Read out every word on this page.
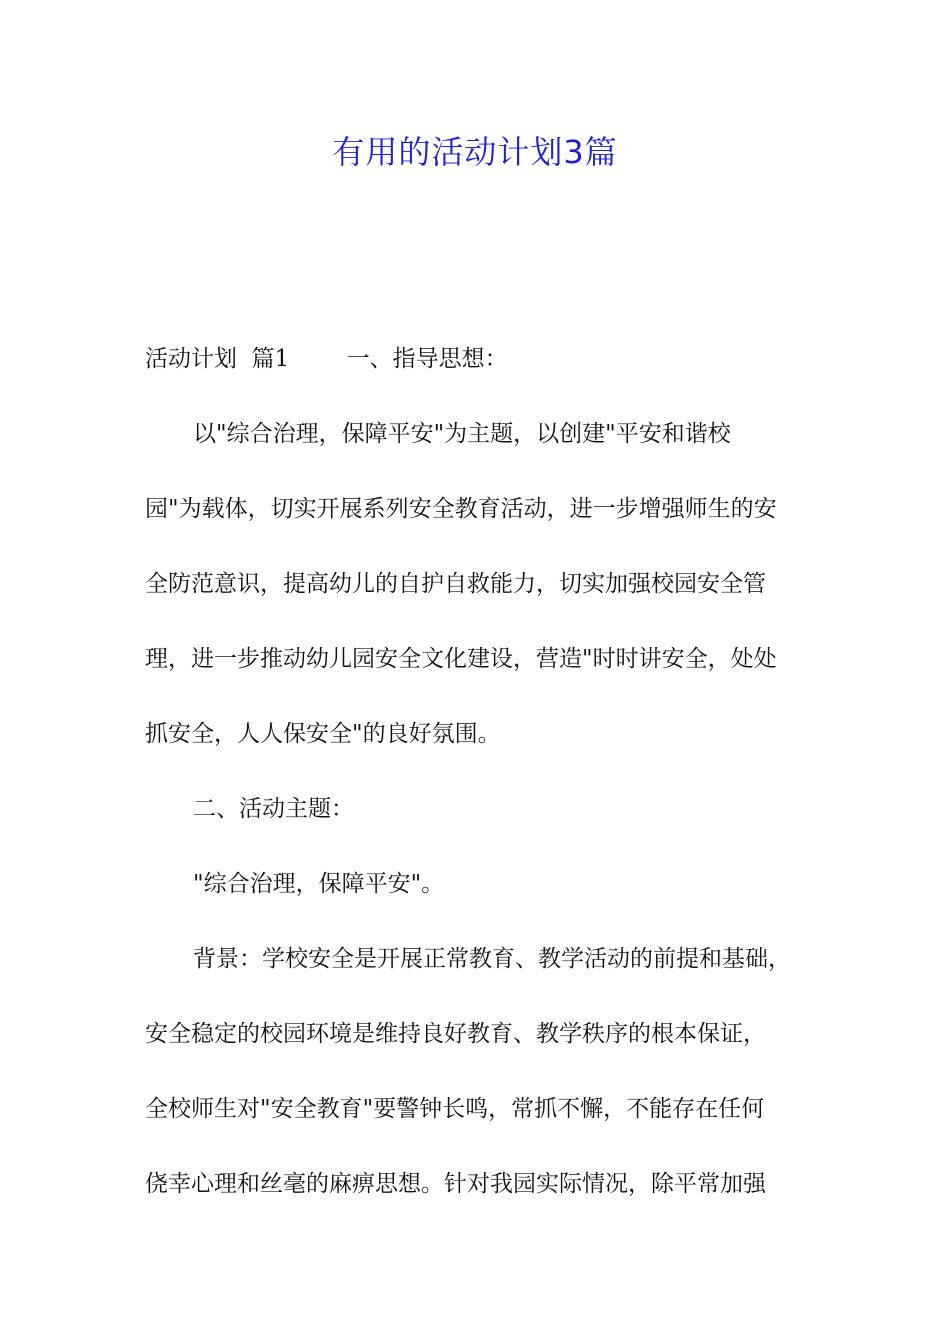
有用的活动计划3篇
活动计划  篇1 一、指导思想：
以"综合治理，保障平安"为主题，以创建"平安和谐校
园"为载体，切实开展系列安全教育活动，进一步增强师生的安
全防范意识，提高幼儿的自护自救能力，切实加强校园安全管
理，进一步推动幼儿园安全文化建设，营造"时时讲安全，处处
抓安全，人人保安全"的良好氛围。
二、活动主题：
"综合治理，保障平安"。
背景：学校安全是开展正常教育、教学活动的前提和基础，
安全稳定的校园环境是维持良好教育、教学秩序的根本保证，
全校师生对"安全教育"要警钟长鸣，常抓不懈，不能存在任何
侥幸心理和丝毫的麻痹思想。针对我园实际情况，除平常加强
